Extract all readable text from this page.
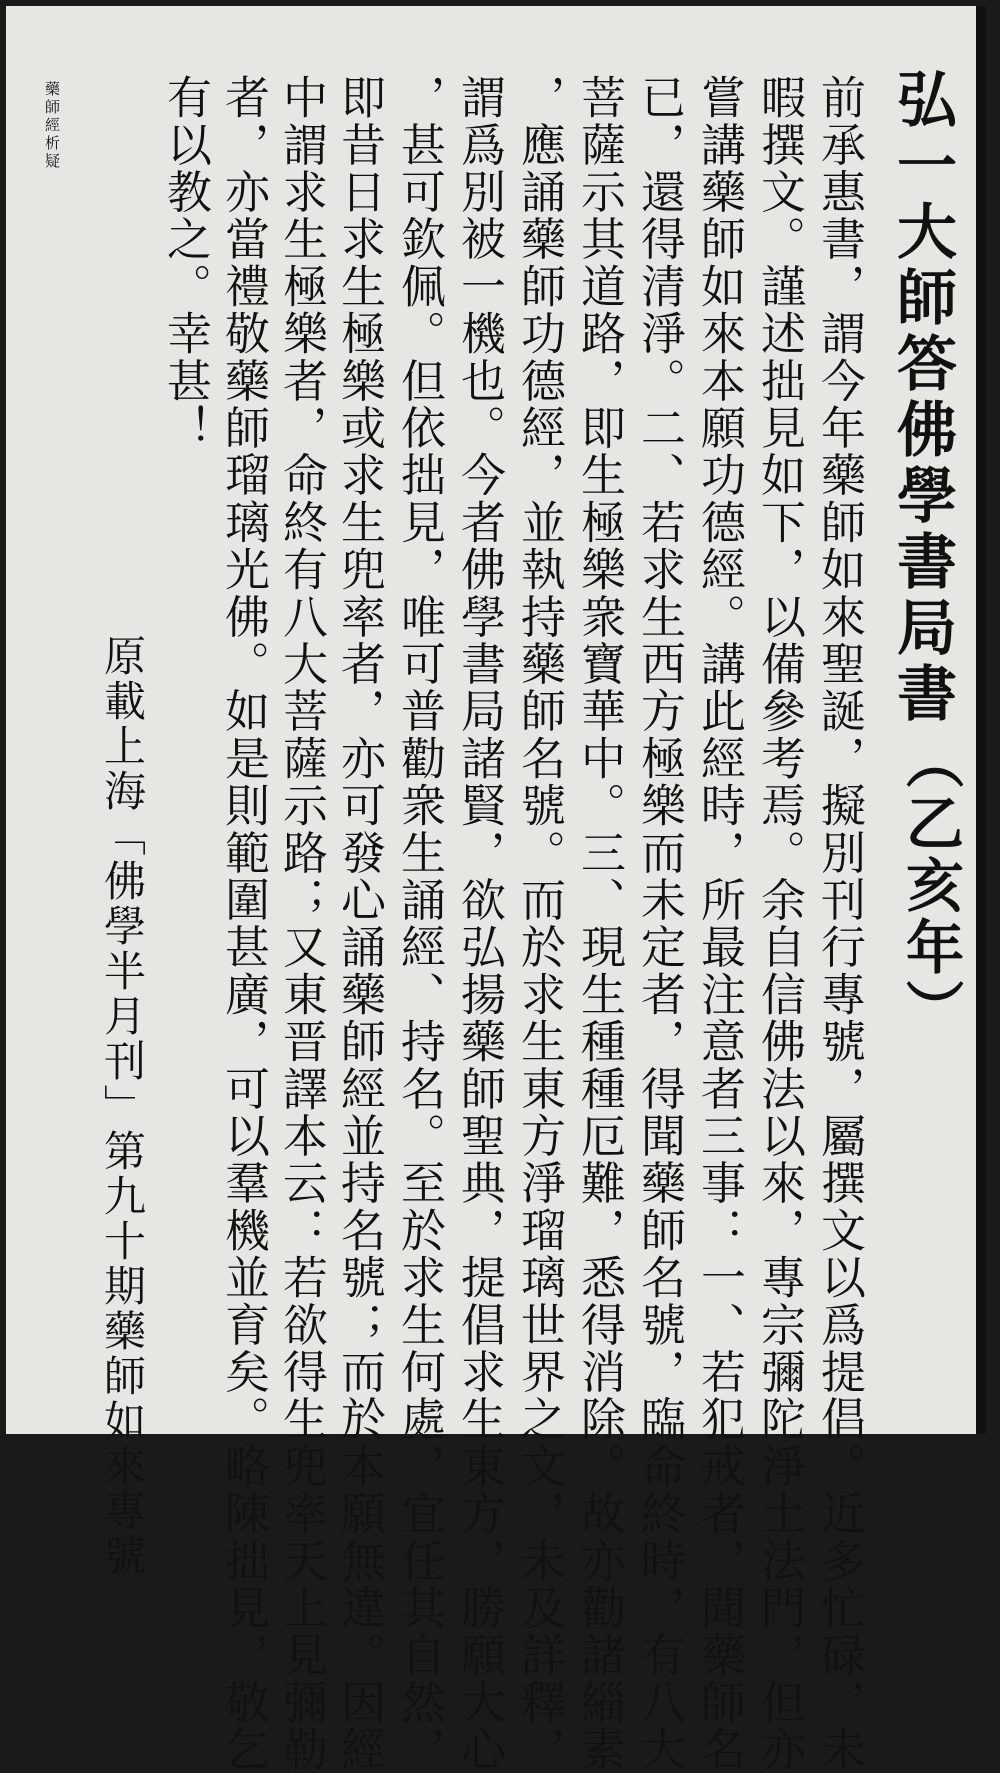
藥師經析疑	弘一大師答佛學書局書
（乙亥年）

前承惠書，謂今年藥師如來聖誕，擬別刊行專號，屬撰文以爲提倡。近多忙碌，未

暇撰文。謹述拙見如下，以備參考焉。余自信佛法以來，專宗彌陀淨土法門，但亦

嘗講藥師如來本願功德經。講此經時，所最注意者三事：一、若犯戒者，聞藥師名

已，還得清淨。二、若求生西方極樂而未定者，得聞藥師名號，臨命終時，有八大

菩薩示其道路，即生極樂衆寶華中。三、現生種種厄難，悉得消除。故亦勸諸緇素

，應誦藥師功德經，並執持藥師名號。而於求生東方淨瑠璃世界之文，未及詳釋，

謂爲別被一機也。今者佛學書局諸賢，欲弘揚藥師聖典，提倡求生東方，勝願大心

，甚可欽佩。但依拙見，唯可普勸衆生誦經、持名。至於求生何處，宜任其自然，

即昔日求生極樂或求生兜率者，亦可發心誦藥師經並持名號；而於本願無違。因經

中謂求生極樂者，命終有八大菩薩示路；又東晋譯本云：若欲得生兜率天上見彌勒

者，亦當禮敬藥師瑠璃光佛。如是則範圍甚廣，可以羣機並育矣。略陳拙見，敬乞

有以教之。幸甚！

原載上海「佛學半月刊」第九十期藥師如來專號
